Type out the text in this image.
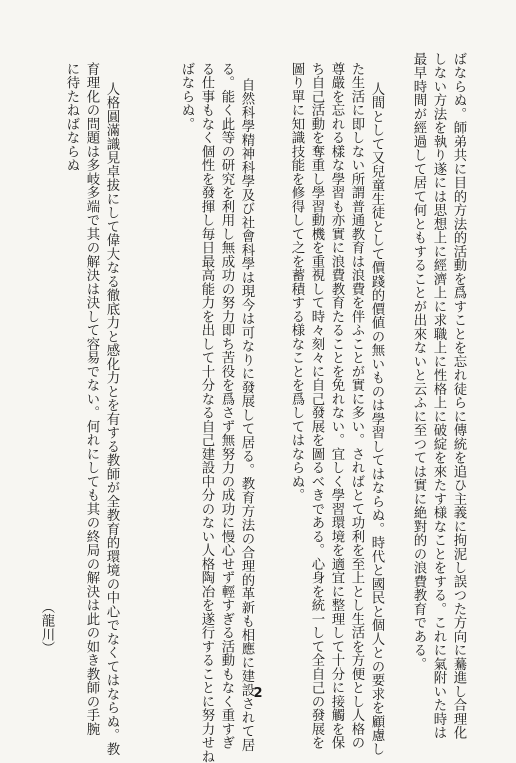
ばならぬ。師弟共に目的方法的活動を爲すことを忘れ徒らに傳統を追ひ主義に拘泥し誤つた方向に驀進し合理化
しない方法を執り遂には思想上に經濟上に求職上に性格上に破綻を來たす様なことをする。これに氣附いた時は
最早時間が經過して居て何ともすることが出來ないと云ふに至つては實に絶對的の浪費教育である。
人間として又兒童生徒として價踐的價値の無いものは學習してはならぬ。時代と國民と個人との要求を顧慮し
た生活に即しない所謂普通教育は浪費を伴ふことが實に多い。さればとて功利を至上とし生活を方便とし人格の
尊嚴を忘れる樣な學習も亦實に浪費教育たることを免れない。宜しく學習環境を適宜に整理して十分に接觸を保
ち自己活動を奪重し學習動機を重視して時々刻々に自己發展を圖るべきである。心身を統一して全自己の發展を
圖り單に知識技能を修得して之を蓄積する様なことを爲してはならぬ。
自然科學精神科學及び社會科學は現今は可なりに發展して居る。教育方法の合理的革新も相應に建設されて居
る。能く此等の研究を利用し無成功の努力即ち苦役を爲さず無努力の成功に慢心せず輕すぎる活動もなく重すぎ
る仕事もなく個性を發揮し毎日最高能力を出して十分なる自己建設中分のない人格陶冶を遂行することに努力せね
ばならぬ。
人格圓滿識見卓拔にして偉大なる徹底力と感化力とを有する教師が全教育的環境の中心でなくてはならぬ。教
育理化の問題は多岐多端で其の解決は決して容易でない。何れにしても其の終局の解決は此の如き教師の手腕
に待たねばならぬ
（龍川）
2
